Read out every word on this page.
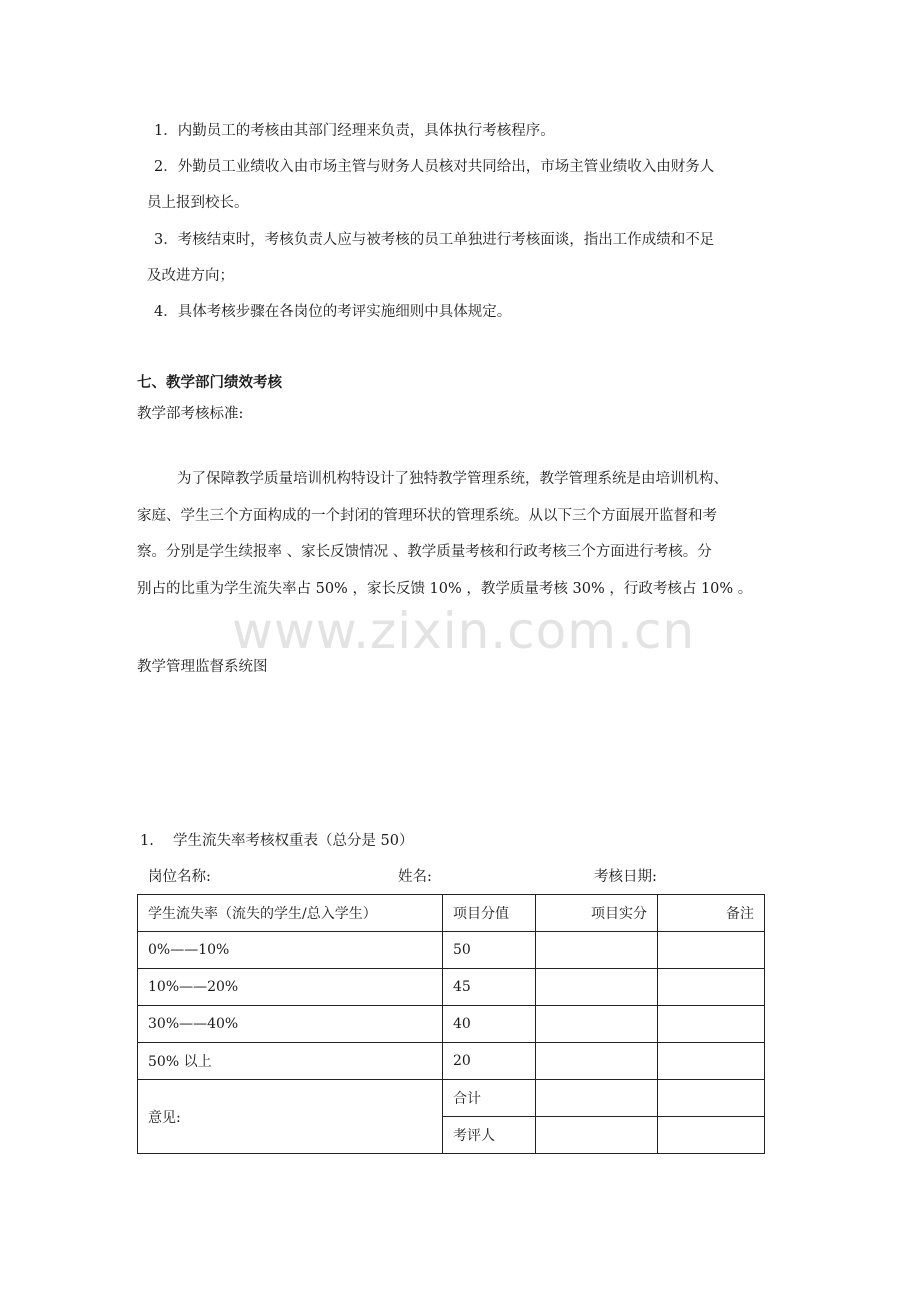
1．内勤员工的考核由其部门经理来负责，具体执行考核程序。
2．外勤员工业绩收入由市场主管与财务人员核对共同给出，市场主管业绩收入由财务人
员上报到校长。
3．考核结束时，考核负责人应与被考核的员工单独进行考核面谈，指出工作成绩和不足
及改进方向；
4．具体考核步骤在各岗位的考评实施细则中具体规定。
七、教学部门绩效考核
教学部考核标准:
为了保障教学质量培训机构特设计了独特教学管理系统，教学管理系统是由培训机构、
家庭、学生三个方面构成的一个封闭的管理环状的管理系统。从以下三个方面展开监督和考
察。分别是学生续报率 、家长反馈情况 、教学质量考核和行政考核三个方面进行考核。分
别占的比重为学生流失率占 50% ，家长反馈 10% ，教学质量考核 30% ，行政考核占 10% 。
www.zixin.com.cn
教学管理监督系统图
1.　 学生流失率考核权重表（总分是 50）
岗位名称:	姓名:	考核日期:
学生流失率（流失的学生/总入学生）	项目分值	项目实分	备注
0%——10%	50		
10%——20%	45		
30%——40%	40		
50% 以上	20		
意见:	合计		
	考评人		
